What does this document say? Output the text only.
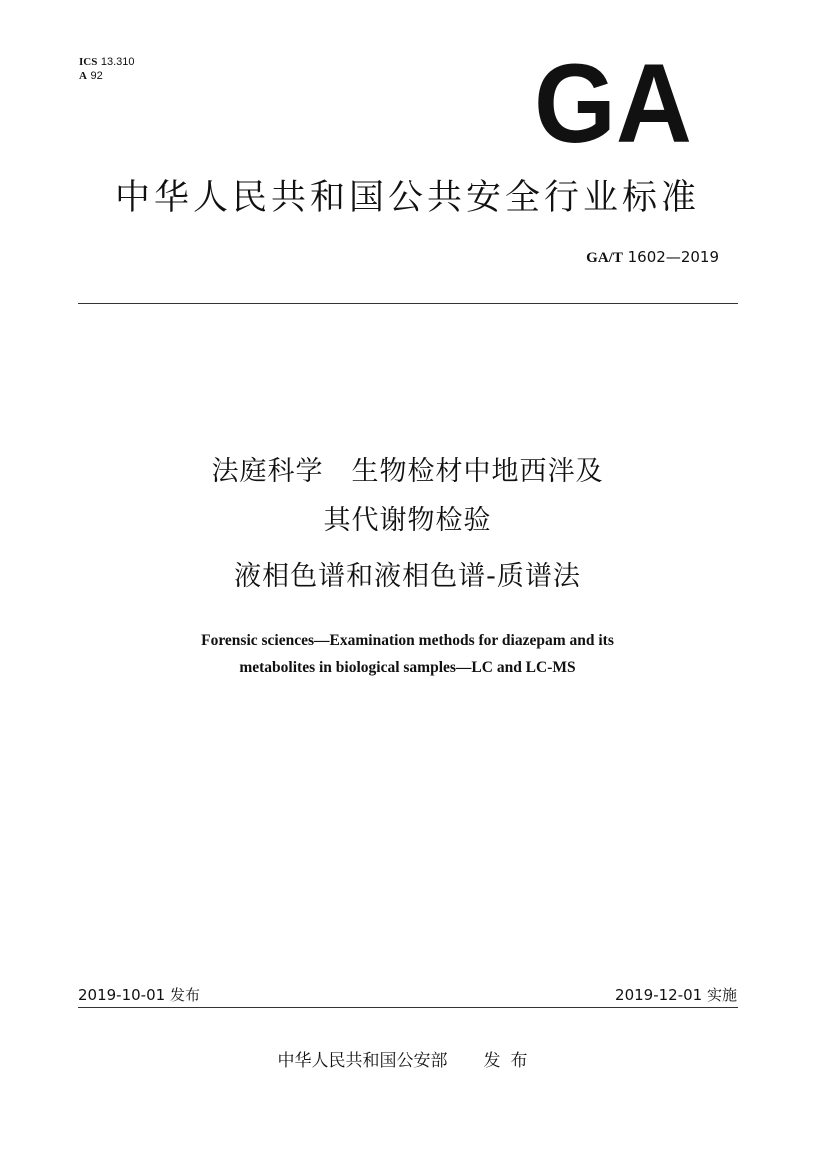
ICS 13.310
A 92	GA
中华人民共和国公共安全行业标准
GA/T 1602—2019
法庭科学　生物检材中地西泮及
其代谢物检验
液相色谱和液相色谱-质谱法
Forensic sciences—Examination methods for diazepam and its
metabolites in biological samples—LC and LC-MS
2019-10-01 发布	2019-12-01 实施
中华人民共和国公安部 发布
